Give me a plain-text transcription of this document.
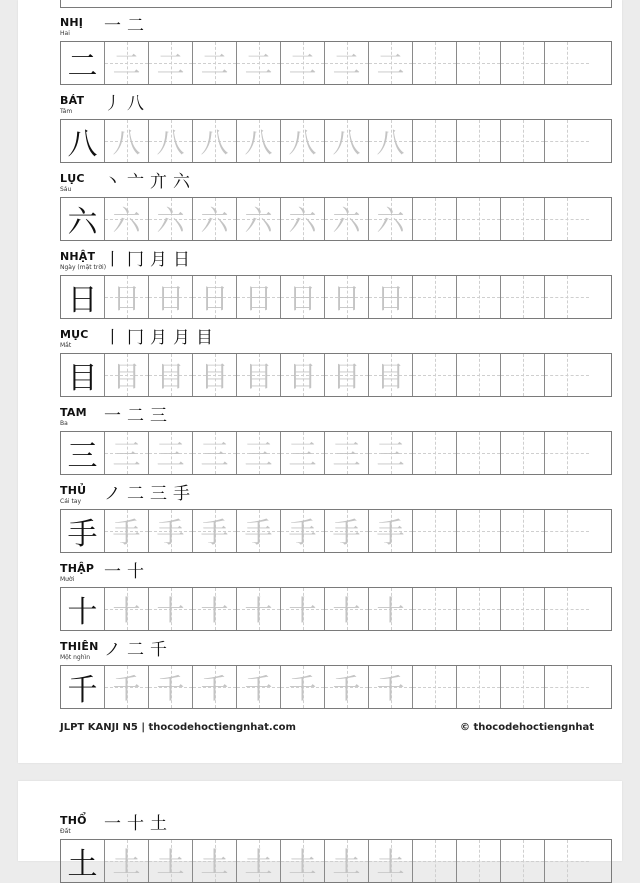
NHỊ
Hai	一 二
二 二 二 二 二 二 二 二
BÁT
Tám	丿 八
八 八 八 八 八 八 八 八
LỤC
Sáu	丶 亠 亣 六
六 六 六 六 六 六 六 六
NHẬT
Ngày (mặt trời)
丨 冂 月 日
日 日 日 日 日 日 日 日
MỤC
Mắt	丨 冂 月 月 目
目 目 目 目 目 目 目 目
TAM
Ba	一 二 三
三 三 三 三 三 三 三 三
THỦ
Cái tay	ノ 二 三 手
手 手 手 手 手 手 手 手
THẬP
Mười	一 十
十 十 十 十 十 十 十 十
THIÊN
Một nghìn ノ 二 千
千 千 千 千 千 千 千 千
JLPT KANJI N5 | thocodehoctiengnhat.com	© thocodehoctiengnhat
THỔ
Đất	一 十 土
土 土 土 土 土 土 土 土
